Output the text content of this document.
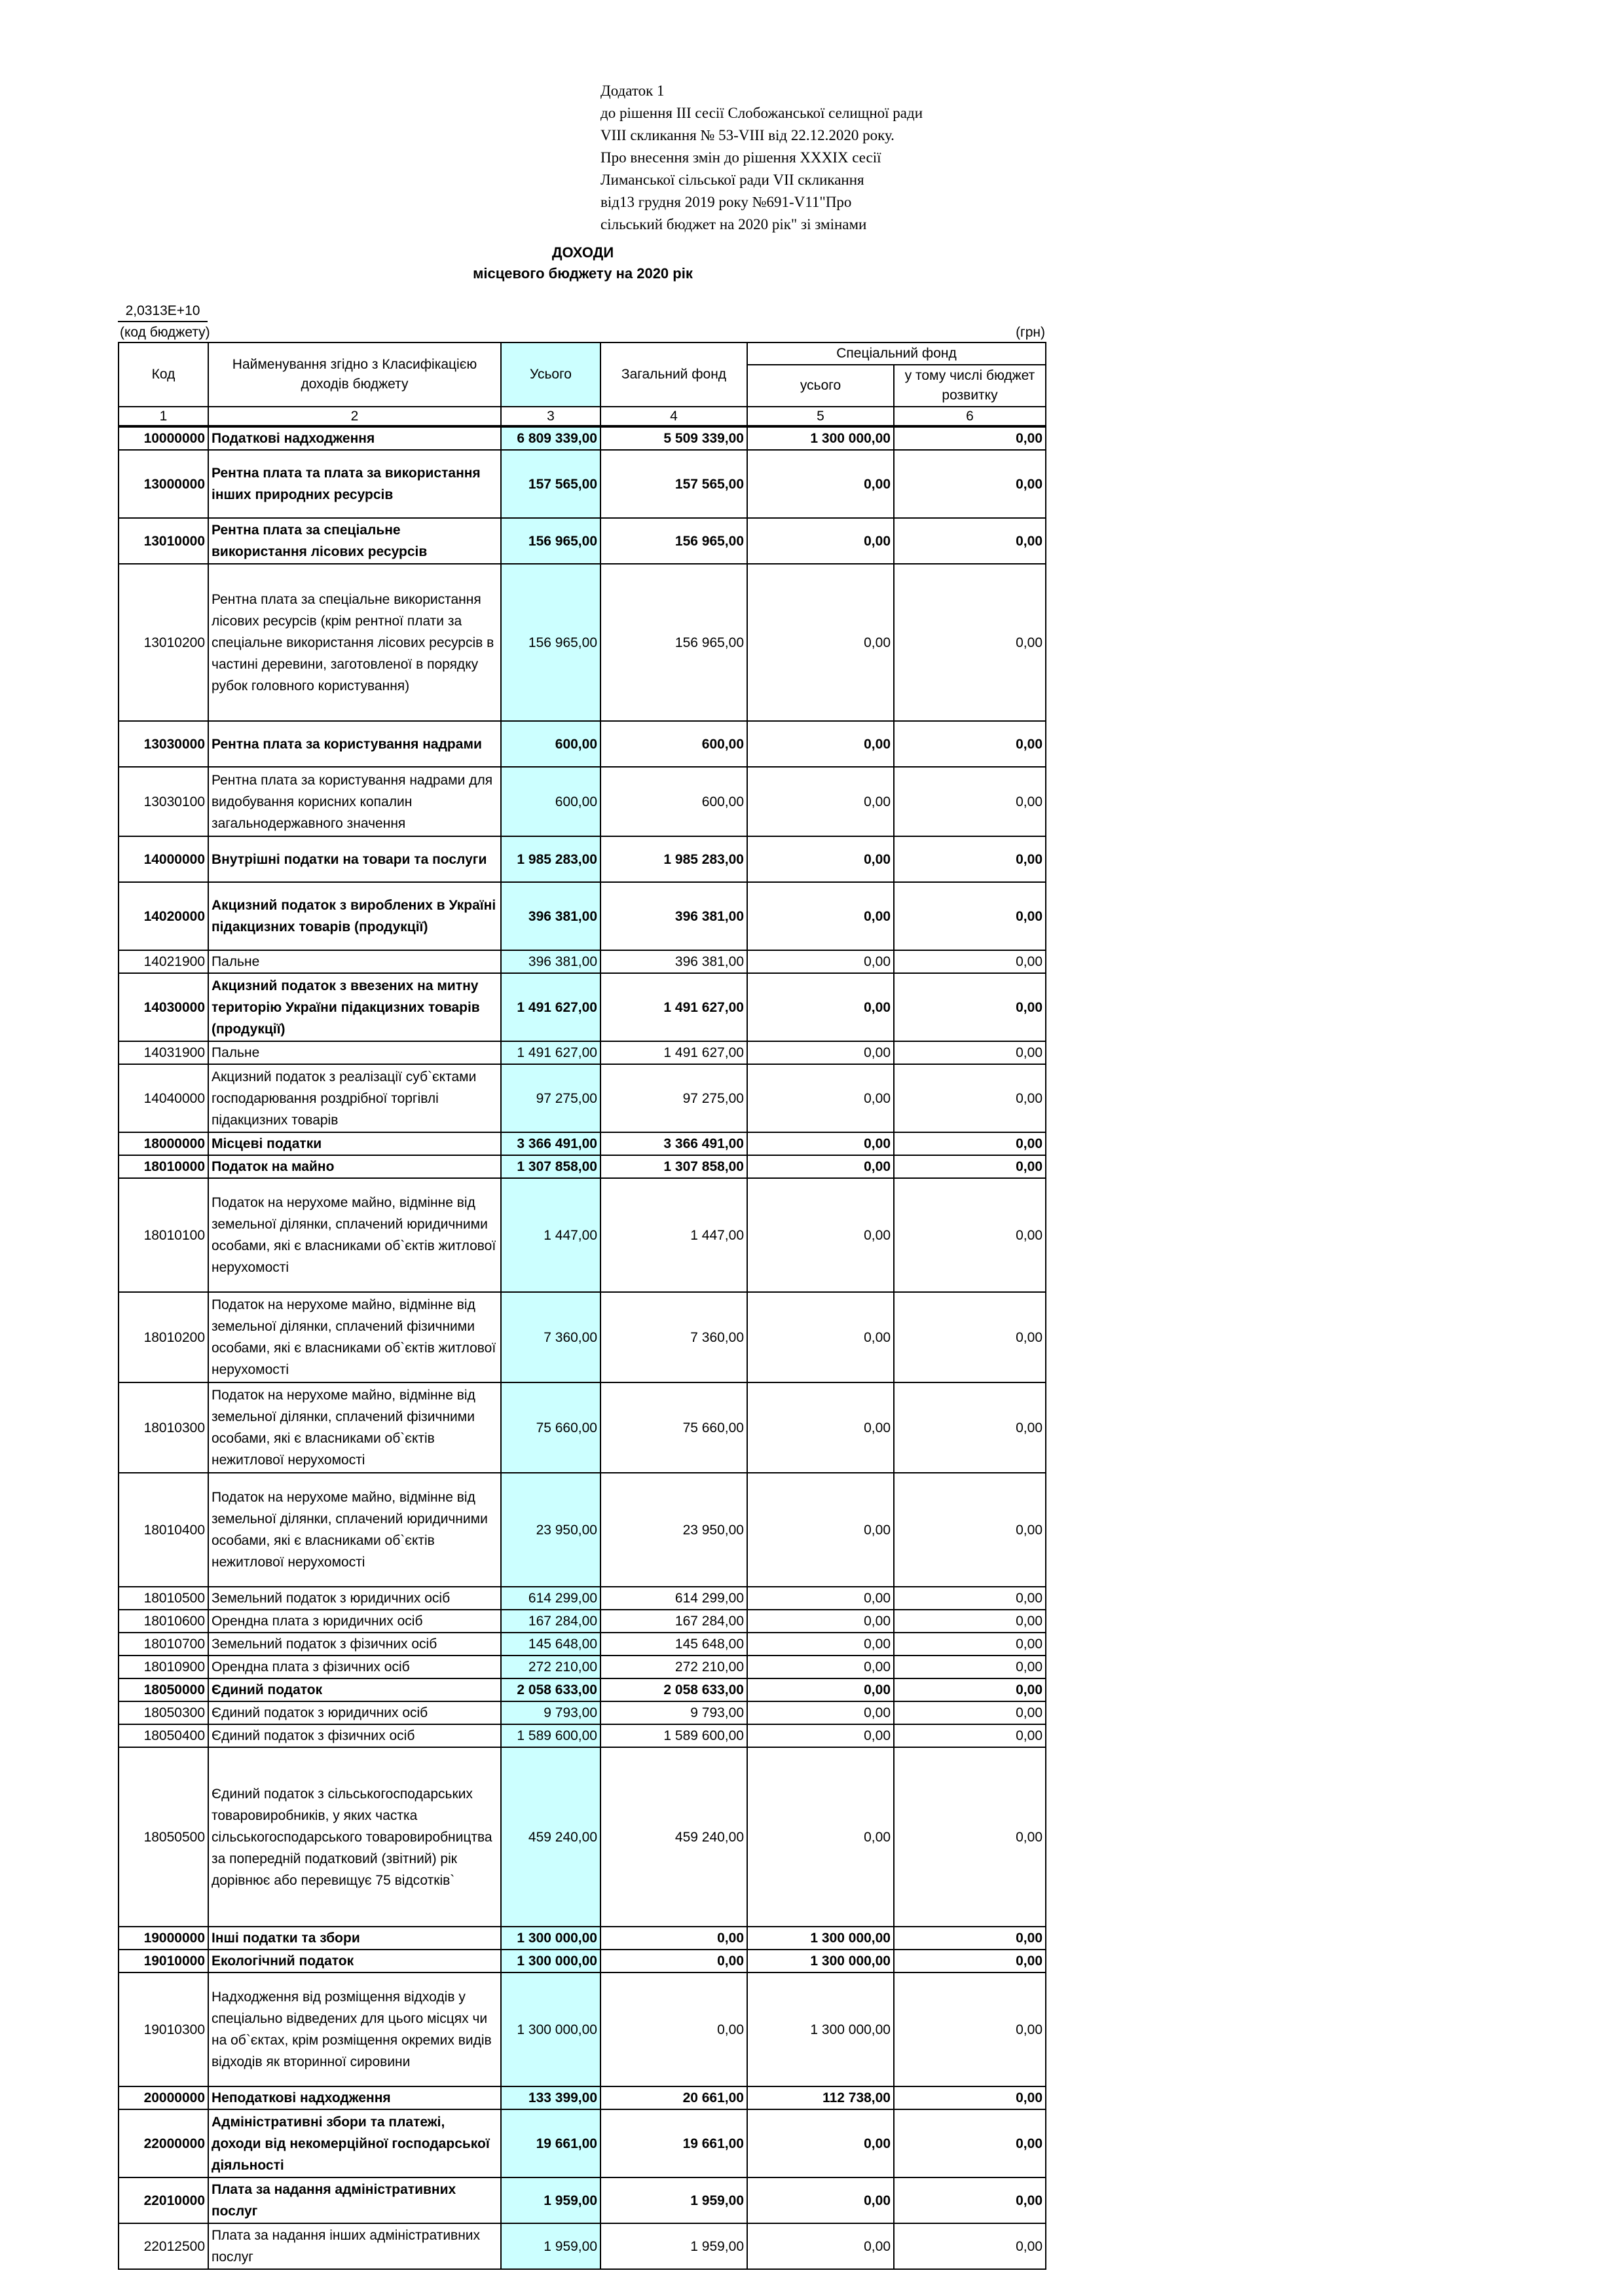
Додаток 1
до рішення ІІІ сесії Слобожанської селищної ради
VIII скликання № 53-VIII від 22.12.2020 року.
Про внесення змін до рішення ХХХІХ сесії
Лиманської сільської ради VІІ скликання
від13 грудня 2019 року №691-V11"Про
сільський бюджет на 2020 рік" зі змінами
ДОХОДИ
місцевого бюджету на 2020 рік
2,0313E+10
(код бюджету)	(грн)
Код	Найменування згідно з Класифікацією доходів бюджету	Усього	Загальний фонд	Спеціальний фонд	
				усього	у тому числі бюджет розвитку
1	2	3	4	5	6
10000000	Податкові надходження	6 809 339,00	5 509 339,00	1 300 000,00	0,00
13000000	Рентна плата та плата за використання інших природних ресурсів	157 565,00	157 565,00	0,00	0,00
13010000	Рентна плата за спеціальне використання лісових ресурсів	156 965,00	156 965,00	0,00	0,00
13010200	Рентна плата за спеціальне використання лісових ресурсів (крім рентної плати за спеціальне використання лісових ресурсів в частині деревини, заготовленої в порядку рубок головного користування)	156 965,00	156 965,00	0,00	0,00
13030000	Рентна плата за користування надрами	600,00	600,00	0,00	0,00
13030100	Рентна плата за користування надрами для видобування корисних копалин загальнодержавного значення	600,00	600,00	0,00	0,00
14000000	Внутрішні податки на товари та послуги	1 985 283,00	1 985 283,00	0,00	0,00
14020000	Акцизний податок з вироблених в Україні підакцизних товарів (продукції)	396 381,00	396 381,00	0,00	0,00
14021900	Пальне	396 381,00	396 381,00	0,00	0,00
14030000	Акцизний податок з ввезених на митну територію України підакцизних товарів (продукції)	1 491 627,00	1 491 627,00	0,00	0,00
14031900	Пальне	1 491 627,00	1 491 627,00	0,00	0,00
14040000	Акцизний податок з реалізації суб`єктами господарювання роздрібної торгівлі підакцизних товарів	97 275,00	97 275,00	0,00	0,00
18000000	Місцеві податки	3 366 491,00	3 366 491,00	0,00	0,00
18010000	Податок на майно	1 307 858,00	1 307 858,00	0,00	0,00
18010100	Податок на нерухоме майно, відмінне від земельної ділянки, сплачений юридичними особами, які є власниками об`єктів житлової нерухомості	1 447,00	1 447,00	0,00	0,00
18010200	Податок на нерухоме майно, відмінне від земельної ділянки, сплачений фізичними особами, які є власниками об`єктів житлової нерухомості	7 360,00	7 360,00	0,00	0,00
18010300	Податок на нерухоме майно, відмінне від земельної ділянки, сплачений фізичними особами, які є власниками об`єктів нежитлової нерухомості	75 660,00	75 660,00	0,00	0,00
18010400	Податок на нерухоме майно, відмінне від земельної ділянки, сплачений юридичними особами, які є власниками об`єктів нежитлової нерухомості	23 950,00	23 950,00	0,00	0,00
18010500	Земельний податок з юридичних осіб	614 299,00	614 299,00	0,00	0,00
18010600	Орендна плата з юридичних осіб	167 284,00	167 284,00	0,00	0,00
18010700	Земельний податок з фізичних осіб	145 648,00	145 648,00	0,00	0,00
18010900	Орендна плата з фізичних осіб	272 210,00	272 210,00	0,00	0,00
18050000	Єдиний податок	2 058 633,00	2 058 633,00	0,00	0,00
18050300	Єдиний податок з юридичних осіб	9 793,00	9 793,00	0,00	0,00
18050400	Єдиний податок з фізичних осіб	1 589 600,00	1 589 600,00	0,00	0,00
18050500	Єдиний податок з сільськогосподарських товаровиробників, у яких частка сільськогосподарського товаровиробництва за попередній податковий (звітний) рік дорівнює або перевищує 75 відсотків`	459 240,00	459 240,00	0,00	0,00
19000000	Інші податки та збори	1 300 000,00	0,00	1 300 000,00	0,00
19010000	Екологічний податок	1 300 000,00	0,00	1 300 000,00	0,00
19010300	Надходження від розміщення відходів у спеціально відведених для цього місцях чи на об`єктах, крім розміщення окремих видів відходів як вторинної сировини	1 300 000,00	0,00	1 300 000,00	0,00
20000000	Неподаткові надходження	133 399,00	20 661,00	112 738,00	0,00
22000000	Адміністративні збори та платежі, доходи від некомерційної господарської діяльності	19 661,00	19 661,00	0,00	0,00
22010000	Плата за надання адміністративних послуг	1 959,00	1 959,00	0,00	0,00
22012500	Плата за надання інших адміністративних послуг	1 959,00	1 959,00	0,00	0,00
